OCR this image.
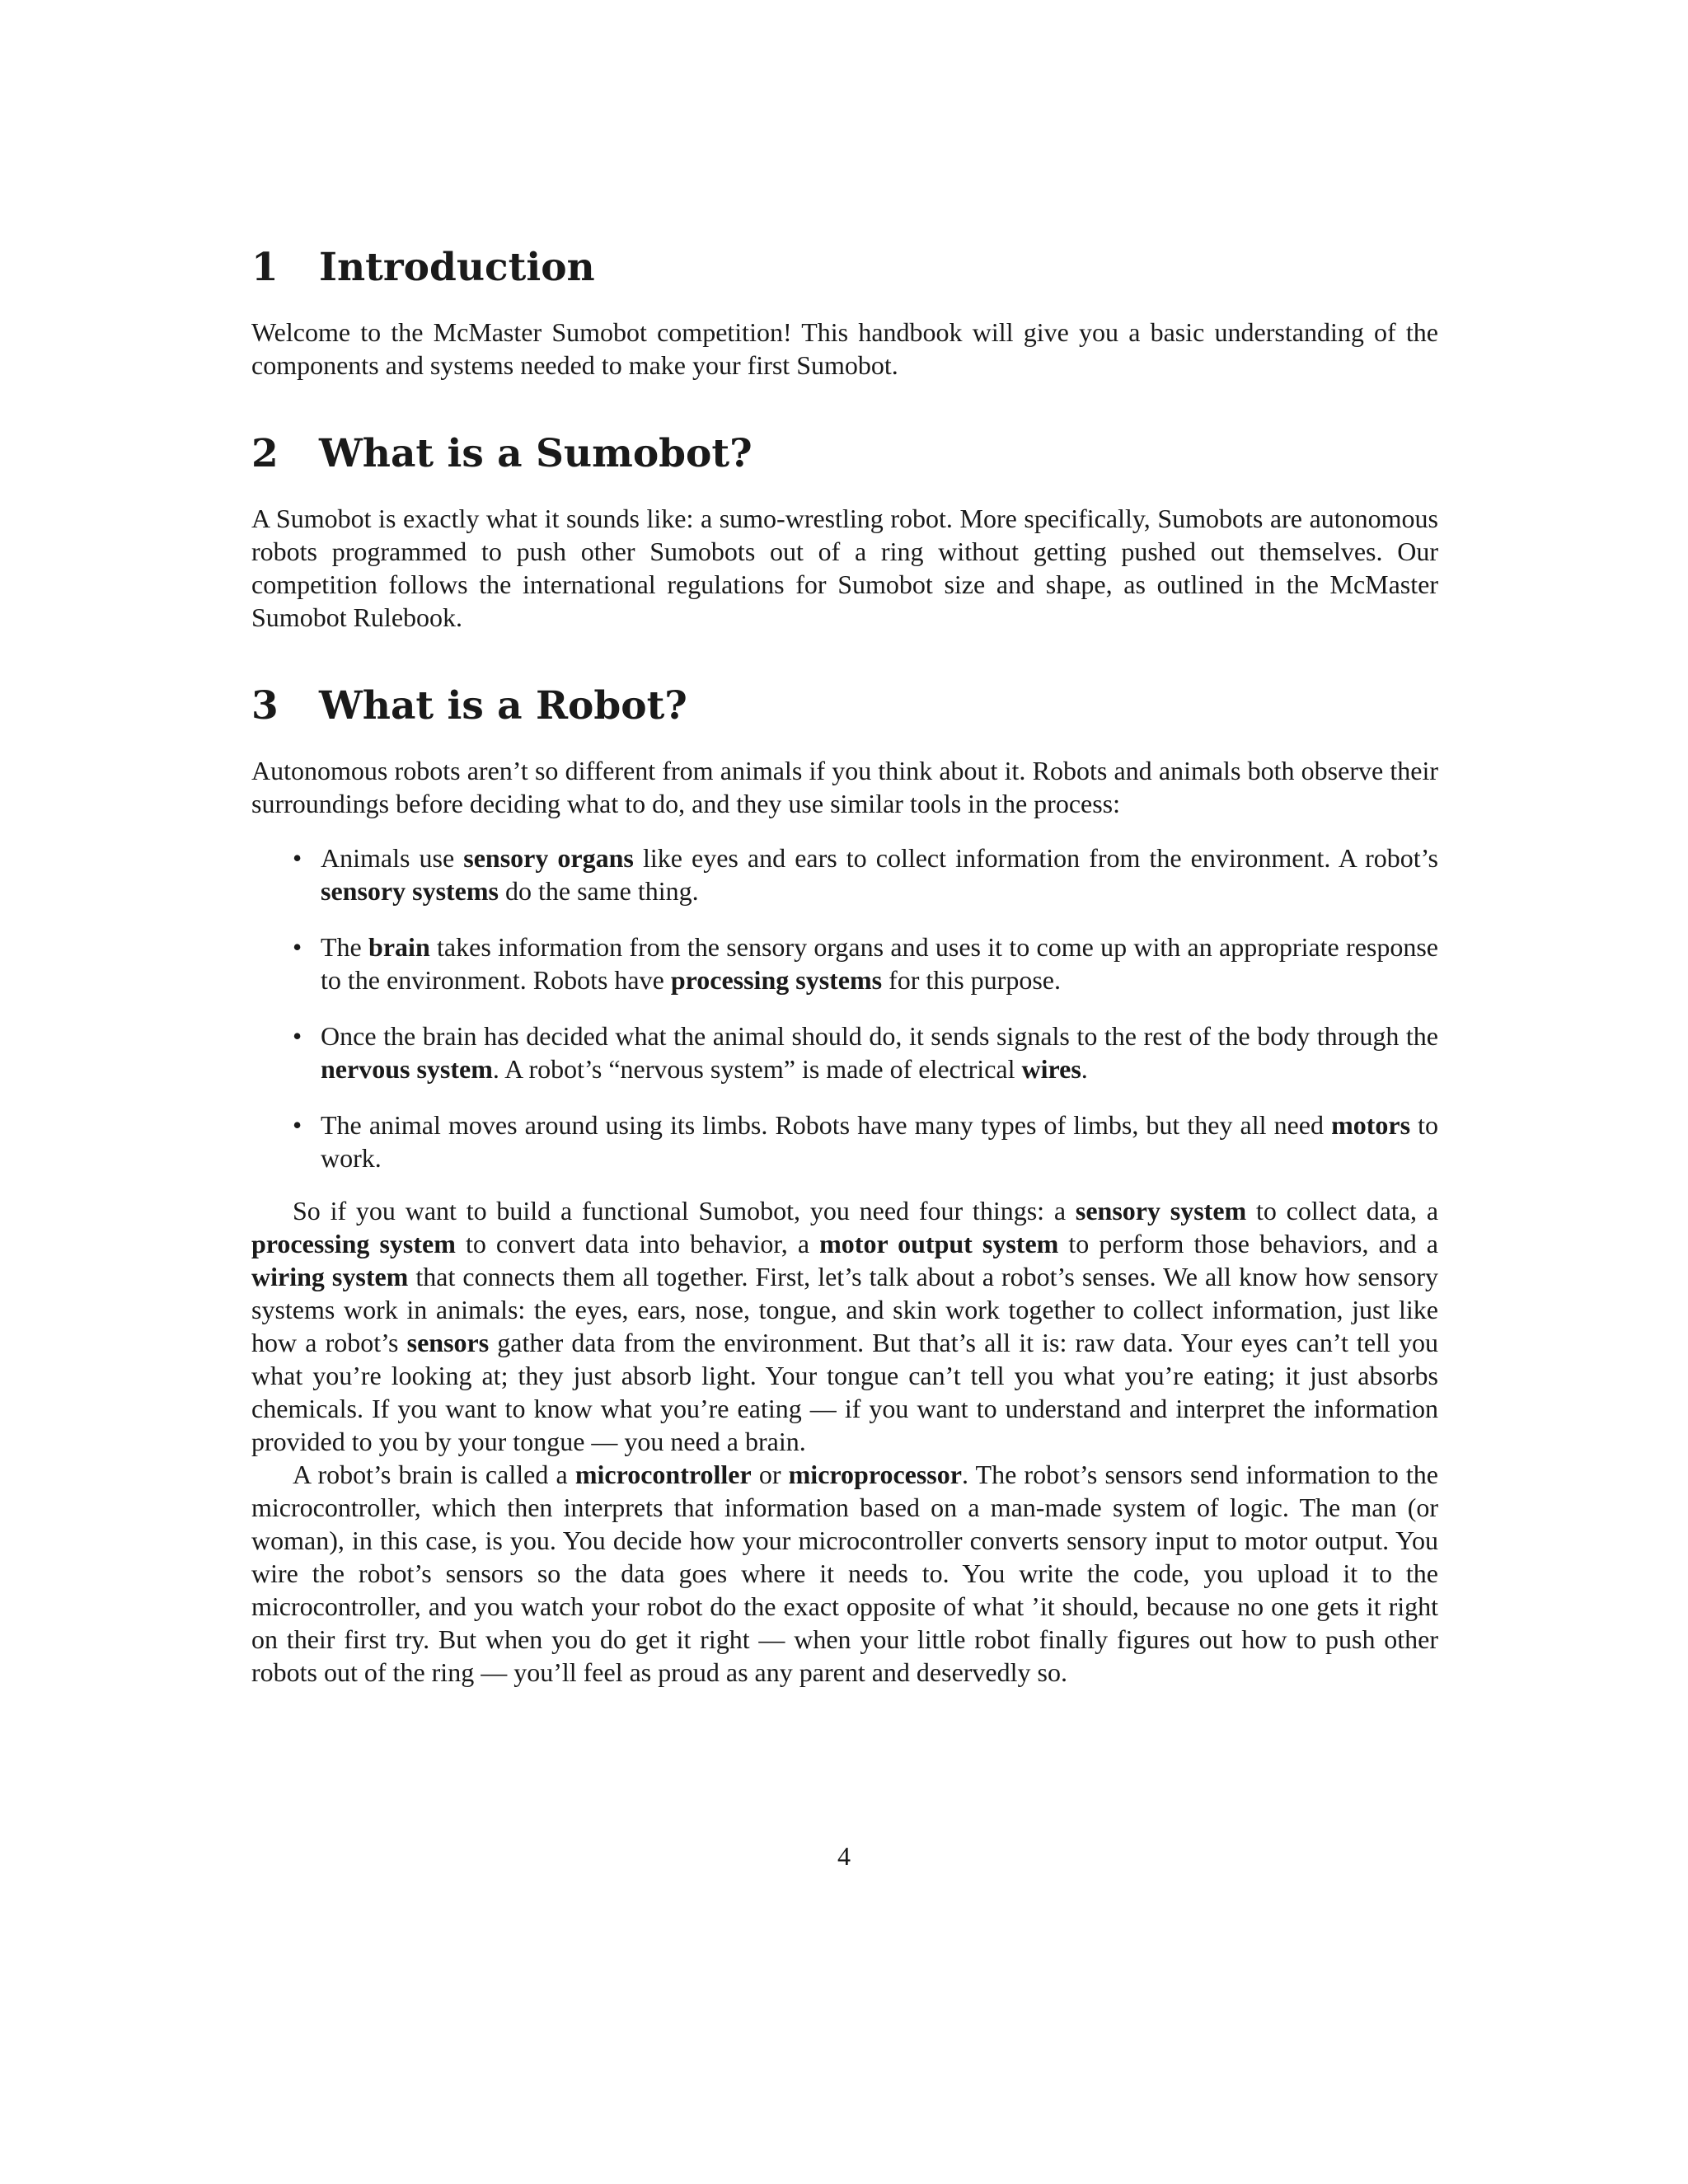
1	Introduction

Welcome to the McMaster Sumobot competition! This handbook will give you a basic understanding of the components and systems needed to make your first Sumobot.

2	What is a Sumobot?

A Sumobot is exactly what it sounds like: a sumo-wrestling robot. More specifically, Sumobots are autonomous robots programmed to push other Sumobots out of a ring without getting pushed out themselves. Our competition follows the international regulations for Sumobot size and shape, as outlined in the McMaster Sumobot Rulebook.

3	What is a Robot?

Autonomous robots aren’t so different from animals if you think about it. Robots and animals both observe their surroundings before deciding what to do, and they use similar tools in the process:

• Animals use sensory organs like eyes and ears to collect information from the environment. A robot’s sensory systems do the same thing.
• The brain takes information from the sensory organs and uses it to come up with an appropriate response to the environment. Robots have processing systems for this purpose.
• Once the brain has decided what the animal should do, it sends signals to the rest of the body through the nervous system. A robot’s “nervous system” is made of electrical wires.
• The animal moves around using its limbs. Robots have many types of limbs, but they all need motors to work.

So if you want to build a functional Sumobot, you need four things: a sensory system to collect data, a processing system to convert data into behavior, a motor output system to perform those behaviors, and a wiring system that connects them all together. First, let’s talk about a robot’s senses. We all know how sensory systems work in animals: the eyes, ears, nose, tongue, and skin work together to collect information, just like how a robot’s sensors gather data from the environment. But that’s all it is: raw data. Your eyes can’t tell you what you’re looking at; they just absorb light. Your tongue can’t tell you what you’re eating; it just absorbs chemicals. If you want to know what you’re eating — if you want to understand and interpret the information provided to you by your tongue — you need a brain.

A robot’s brain is called a microcontroller or microprocessor. The robot’s sensors send information to the microcontroller, which then interprets that information based on a man-made system of logic. The man (or woman), in this case, is you. You decide how your microcontroller converts sensory input to motor output. You wire the robot’s sensors so the data goes where it needs to. You write the code, you upload it to the microcontroller, and you watch your robot do the exact opposite of what ’it should, because no one gets it right on their first try. But when you do get it right — when your little robot finally figures out how to push other robots out of the ring — you’ll feel as proud as any parent and deservedly so.

4
